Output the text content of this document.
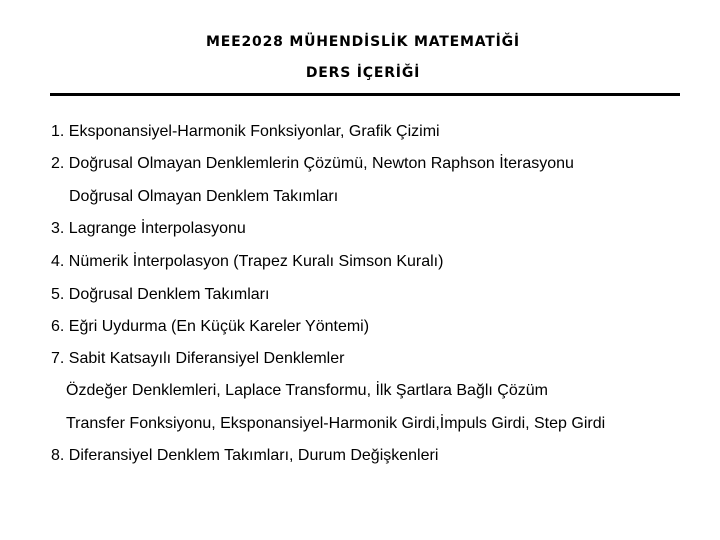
MEE2028 MÜHENDİSLİK MATEMATİĞİ
DERS İÇERİĞİ
1. Eksponansiyel-Harmonik Fonksiyonlar, Grafik Çizimi
2. Doğrusal Olmayan Denklemlerin Çözümü, Newton Raphson İterasyonu
Doğrusal Olmayan Denklem Takımları
3. Lagrange İnterpolasyonu
4. Nümerik İnterpolasyon (Trapez Kuralı Simson Kuralı)
5. Doğrusal Denklem Takımları
6. Eğri Uydurma (En Küçük Kareler Yöntemi)
7. Sabit Katsayılı Diferansiyel Denklemler
Özdeğer Denklemleri, Laplace Transformu, İlk Şartlara Bağlı Çözüm
Transfer Fonksiyonu, Eksponansiyel-Harmonik Girdi,İmpuls Girdi, Step Girdi
8. Diferansiyel Denklem Takımları, Durum Değişkenleri
